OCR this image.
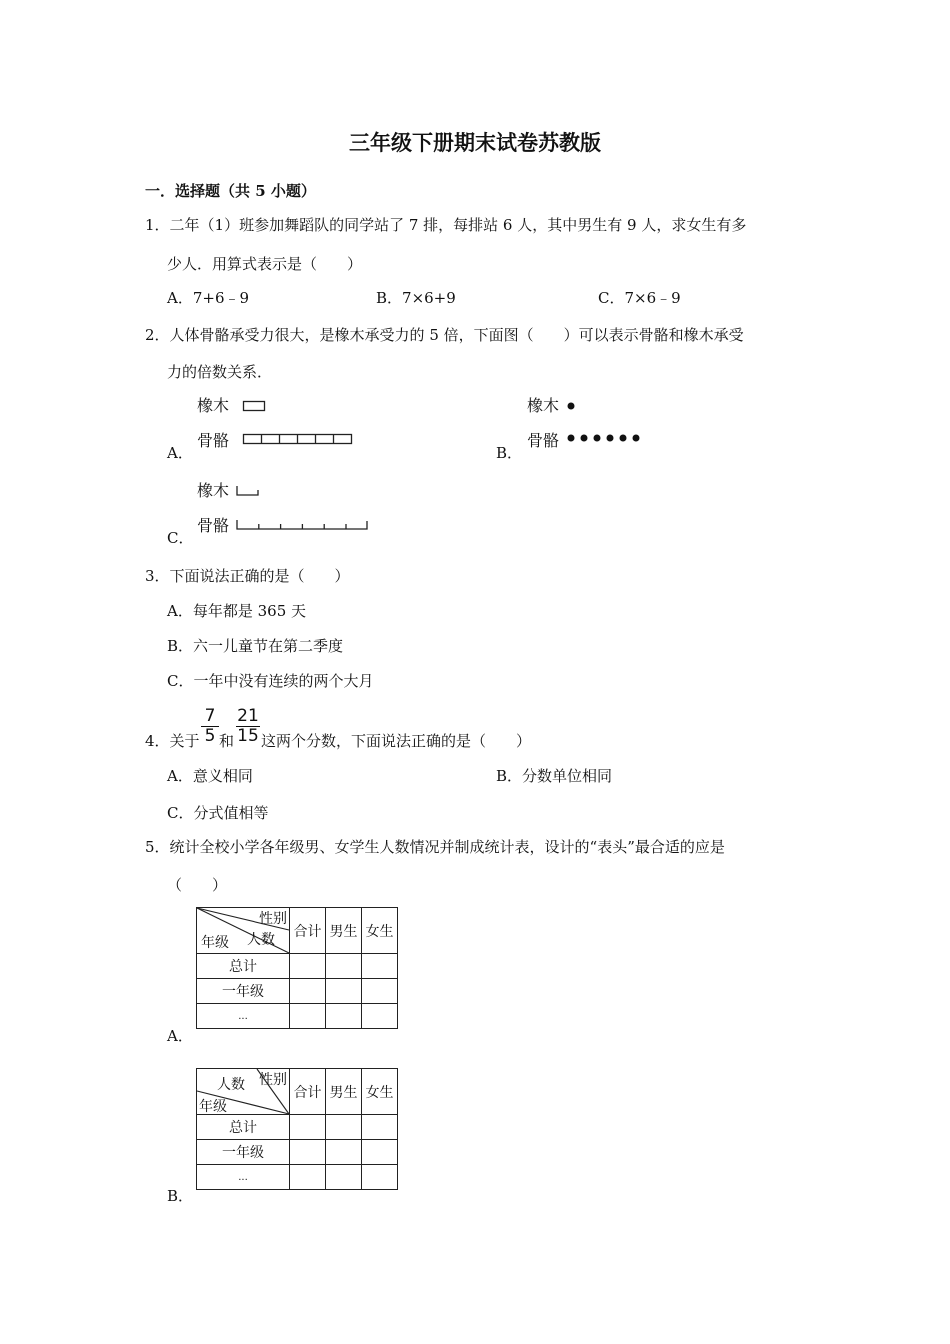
三年级下册期末试卷苏教版
一．选择题（共 5 小题）
1．二年（1）班参加舞蹈队的同学站了 7 排，每排站 6 人，其中男生有 9 人，求女生有多
少人．用算式表示是（　　）
A．7+6﹣9	B．7×6+9	C．7×6﹣9
2．人体骨骼承受力很大，是橡木承受力的 5 倍，下面图（　　）可以表示骨骼和橡木承受
力的倍数关系．
橡木
骨骼
A．
橡木
骨骼
B．
橡木
骨骼
C．
3．下面说法正确的是（　　）
A．每年都是 365 天
B．六一儿童节在第二季度
C．一年中没有连续的两个大月
4．关于 $\frac{7}{5}$ 和 $\frac{21}{15}$ 这两个分数，下面说法正确的是（　　）
A．意义相同	B．分数单位相同
C．分式值相等
5．统计全校小学各年级男、女学生人数情况并制成统计表，设计的“表头”最合适的应是
（　　）
性别
人数
年级	合计	男生	女生
总计			
一年级			
...			
A．
性别
人数
年级	合计	男生	女生
总计			
一年级			
...			
B．
